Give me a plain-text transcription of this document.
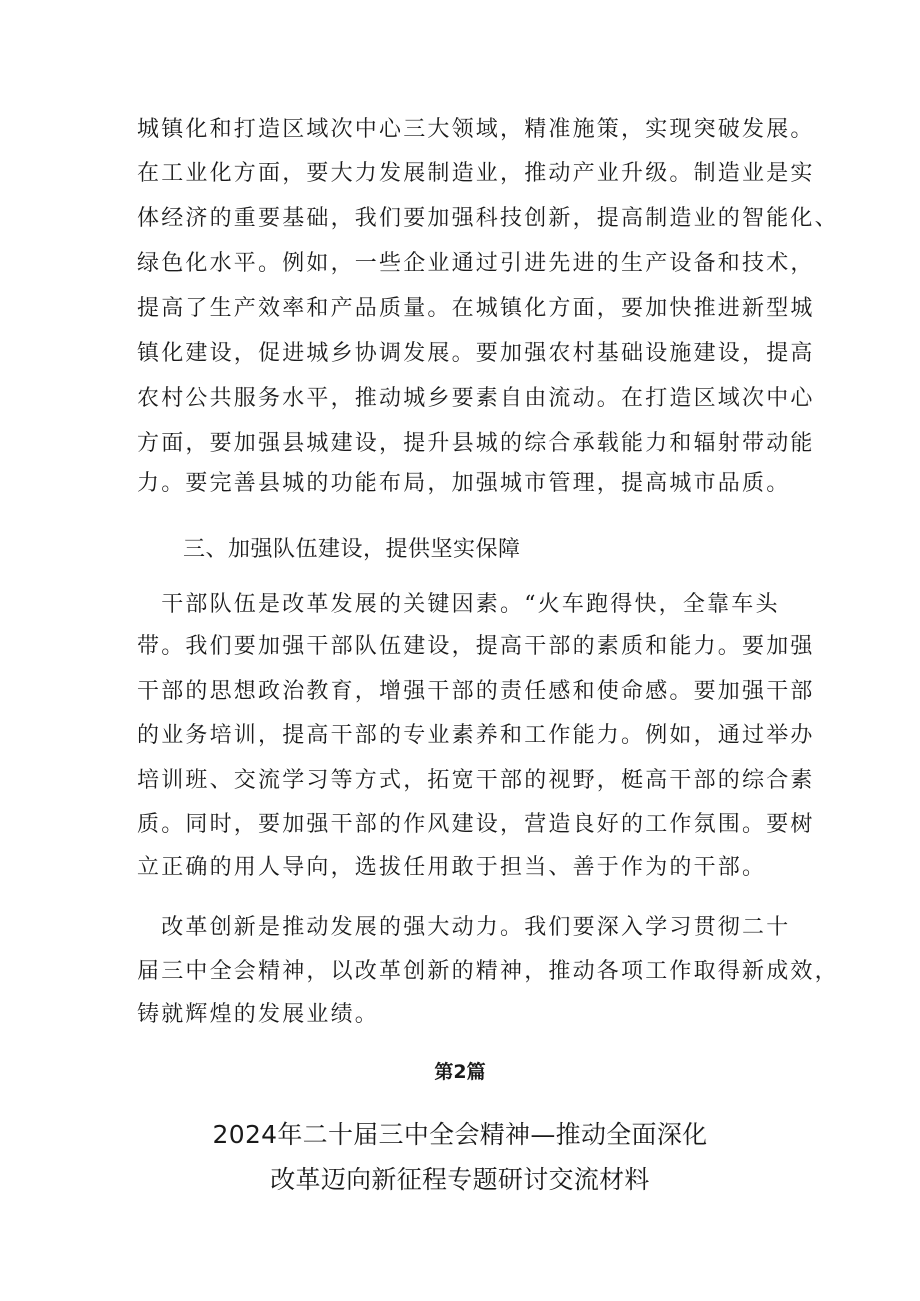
城镇化和打造区域次中心三大领域，精准施策，实现突破发展。
在工业化方面，要大力发展制造业，推动产业升级。制造业是实
体经济的重要基础，我们要加强科技创新，提高制造业的智能化、
绿色化水平。例如，一些企业通过引进先进的生产设备和技术，
提高了生产效率和产品质量。在城镇化方面，要加快推进新型城
镇化建设，促进城乡协调发展。要加强农村基础设施建设，提高
农村公共服务水平，推动城乡要素自由流动。在打造区域次中心
方面，要加强县城建设，提升县城的综合承载能力和辐射带动能
力。要完善县城的功能布局，加强城市管理，提高城市品质。
三、加强队伍建设，提供坚实保障
　干部队伍是改革发展的关键因素。“火车跑得快，全靠车头
带。我们要加强干部队伍建设，提高干部的素质和能力。要加强
干部的思想政治教育，增强干部的责任感和使命感。要加强干部
的业务培训，提高干部的专业素养和工作能力。例如，通过举办
培训班、交流学习等方式，拓宽干部的视野，梃高干部的综合素
质。同时，要加强干部的作风建设，营造良好的工作氛围。要树
立正确的用人导向，选拔任用敢于担当、善于作为的干部。
　改革创新是推动发展的强大动力。我们要深入学习贯彻二十
届三中全会精神，以改革创新的精神，推动各项工作取得新成效，
铸就辉煌的发展业绩。
第2篇
2024年二十届三中全会精神—推动全面深化
改革迈向新征程专题研讨交流材料
